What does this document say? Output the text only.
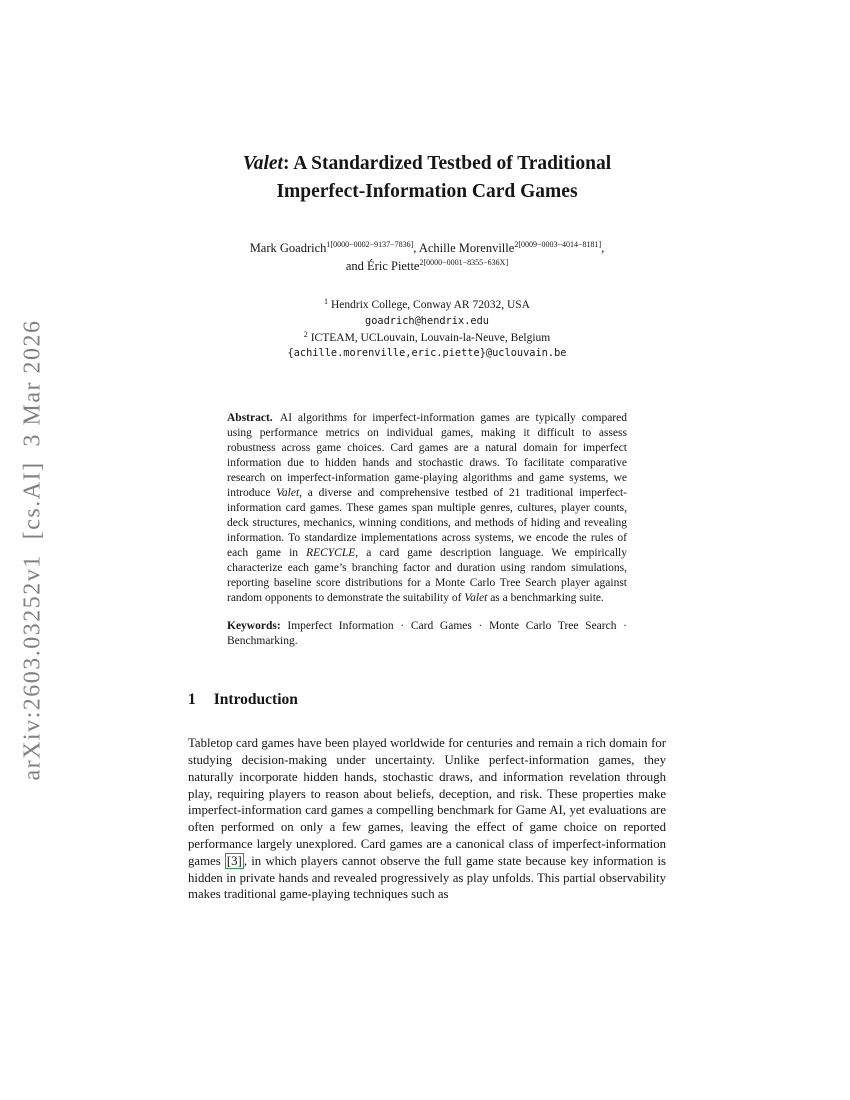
arXiv:2603.03252v1  [cs.AI]  3 Mar 2026
Valet: A Standardized Testbed of Traditional
Imperfect-Information Card Games
Mark Goadrich$^{1[0000-0002-9137-7836]}$, Achille Morenville$^{2[0009-0003-4014-8181]}$,
and Éric Piette$^{2[0000-0001-8355-636X]}$
$^1$ Hendrix College, Conway AR 72032, USA
goadrich@hendrix.edu
$^2$ ICTEAM, UCLouvain, Louvain-la-Neuve, Belgium
{achille.morenville,eric.piette}@uclouvain.be

Abstract. AI algorithms for imperfect-information games are typically compared using performance metrics on individual games, making it difficult to assess robustness across game choices. Card games are a natural domain for imperfect information due to hidden hands and stochastic draws. To facilitate comparative research on imperfect-information game-playing algorithms and game systems, we introduce Valet, a diverse and comprehensive testbed of 21 traditional imperfect-information card games. These games span multiple genres, cultures, player counts, deck structures, mechanics, winning conditions, and methods of hiding and revealing information. To standardize implementations across systems, we encode the rules of each game in RECYCLE, a card game description language. We empirically characterize each game’s branching factor and duration using random simulations, reporting baseline score distributions for a Monte Carlo Tree Search player against random opponents to demonstrate the suitability of Valet as a benchmarking suite.

Keywords: Imperfect Information · Card Games · Monte Carlo Tree Search · Benchmarking.

1 Introduction

Tabletop card games have been played worldwide for centuries and remain a rich domain for studying decision-making under uncertainty. Unlike perfect-information games, they naturally incorporate hidden hands, stochastic draws, and information revelation through play, requiring players to reason about beliefs, deception, and risk. These properties make imperfect-information card games a compelling benchmark for Game AI, yet evaluations are often performed on only a few games, leaving the effect of game choice on reported performance largely unexplored. Card games are a canonical class of imperfect-information games [3] , in which players cannot observe the full game state because key information is hidden in private hands and revealed progressively as play unfolds. This partial observability makes traditional game-playing techniques such as
